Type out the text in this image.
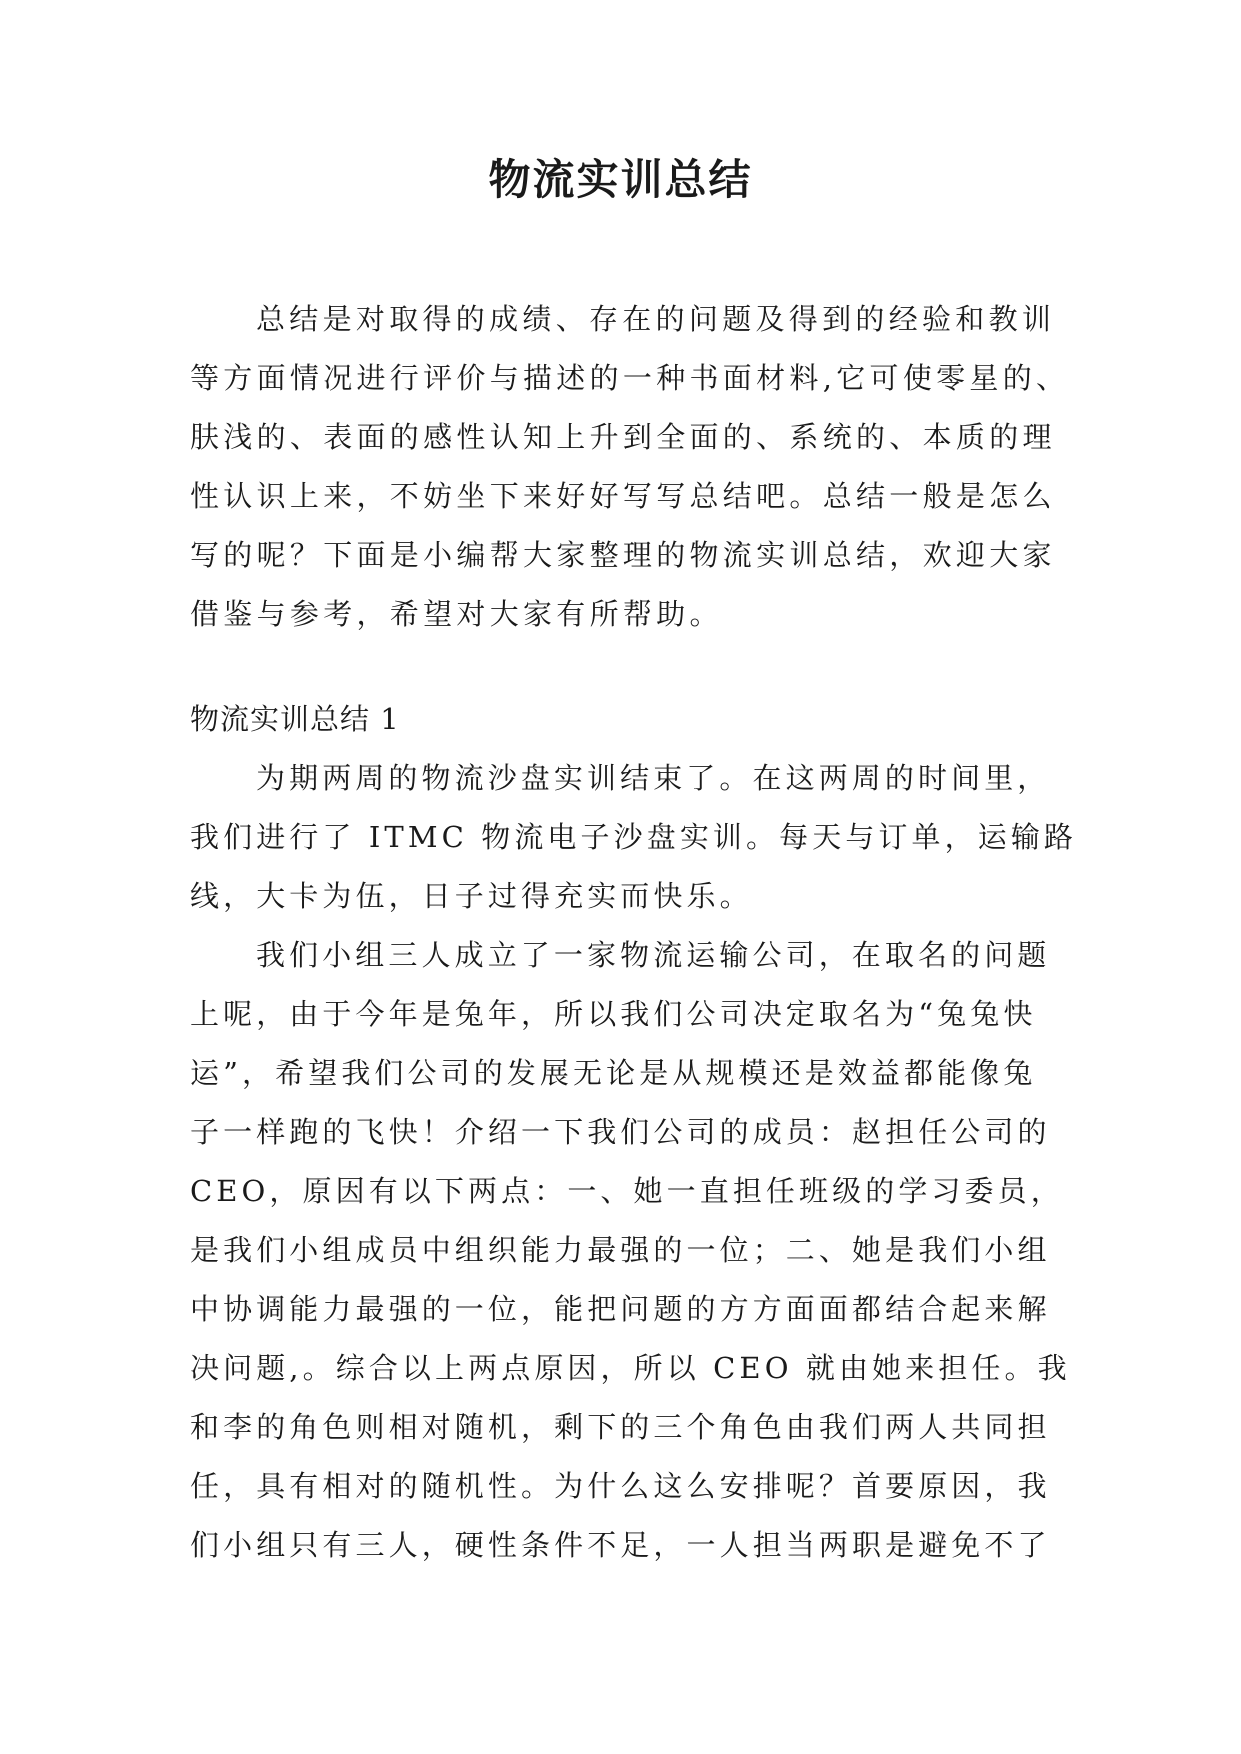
物流实训总结
总结是对取得的成绩、存在的问题及得到的经验和教训
等方面情况进行评价与描述的一种书面材料,它可使零星的、
肤浅的、表面的感性认知上升到全面的、系统的、本质的理
性认识上来，不妨坐下来好好写写总结吧。总结一般是怎么
写的呢？下面是小编帮大家整理的物流实训总结，欢迎大家
借鉴与参考，希望对大家有所帮助。
物流实训总结 1
为期两周的物流沙盘实训结束了。在这两周的时间里，
我们进行了 ITMC 物流电子沙盘实训。每天与订单，运输路
线，大卡为伍，日子过得充实而快乐。
我们小组三人成立了一家物流运输公司，在取名的问题
上呢，由于今年是兔年，所以我们公司决定取名为“兔兔快
运”，希望我们公司的发展无论是从规模还是效益都能像兔
子一样跑的飞快！介绍一下我们公司的成员：赵担任公司的
CEO，原因有以下两点：一、她一直担任班级的学习委员，
是我们小组成员中组织能力最强的一位；二、她是我们小组
中协调能力最强的一位，能把问题的方方面面都结合起来解
决问题,。综合以上两点原因，所以 CEO 就由她来担任。我
和李的角色则相对随机，剩下的三个角色由我们两人共同担
任，具有相对的随机性。为什么这么安排呢？首要原因，我
们小组只有三人，硬性条件不足，一人担当两职是避免不了
